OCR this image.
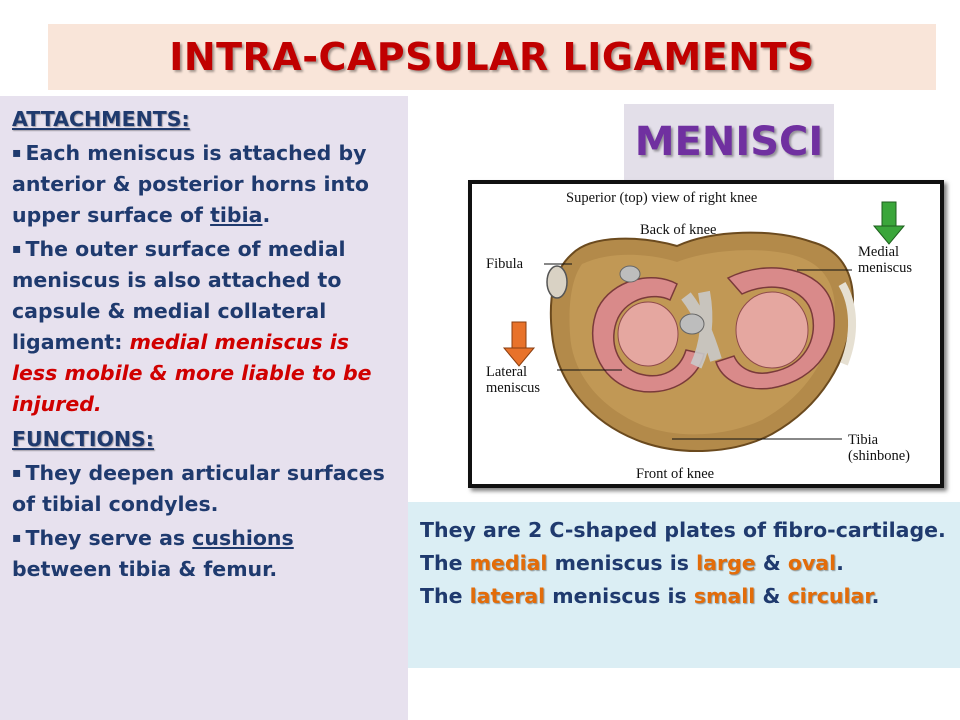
INTRA-CAPSULAR LIGAMENTS
ATTACHMENTS:
▪ Each meniscus is attached by anterior & posterior horns into upper surface of tibia.
▪ The outer surface of medial meniscus is also attached to capsule & medial collateral ligament: medial meniscus is less mobile & more liable to be injured.
FUNCTIONS:
▪ They deepen articular surfaces of tibial condyles.
▪ They serve as cushions between tibia & femur.
MENISCI
Superior (top) view of right knee
Back of knee
Fibula
Medial
meniscus
Lateral
meniscus
Tibia
(shinbone)
Front of knee
They are 2 C-shaped plates of fibro-cartilage.
The medial meniscus is large & oval.
The lateral meniscus is small & circular.
